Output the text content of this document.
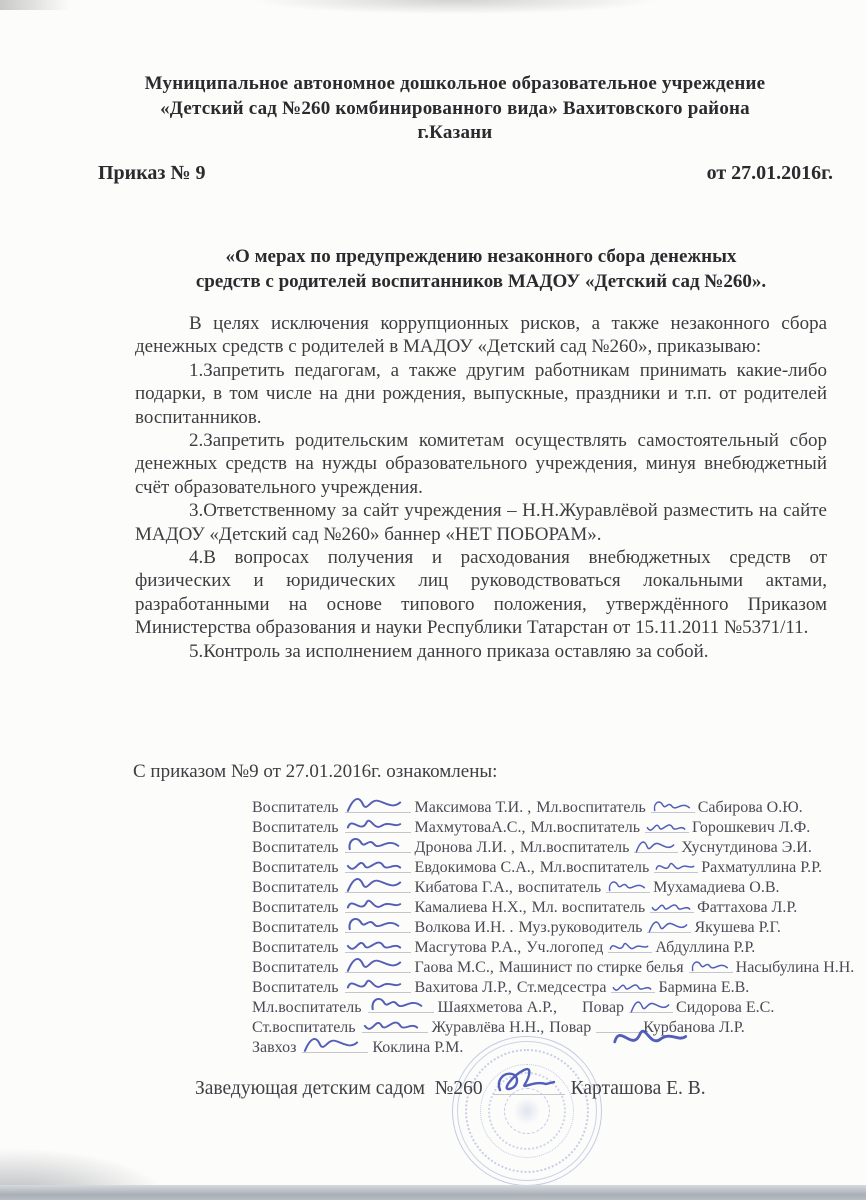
Муниципальное автономное дошкольное образовательное учреждение
«Детский сад №260 комбинированного вида» Вахитовского района
г.Казани
Приказ № 9	от 27.01.2016г.
«О мерах по предупреждению незаконного сбора денежных
средств с родителей воспитанников МАДОУ «Детский сад №260».

В целях исключения коррупционных рисков, а также незаконного сбора денежных средств с родителей в МАДОУ «Детский сад №260», приказываю:

1.Запретить педагогам, а также другим работникам принимать какие-либо подарки, в том числе на дни рождения, выпускные, праздники и т.п. от родителей воспитанников.

2.Запретить родительским комитетам осуществлять самостоятельный сбор денежных средств на нужды образовательного учреждения, минуя внебюджетный счёт образовательного учреждения.

3.Ответственному за сайт учреждения – Н.Н.Журавлёвой разместить на сайте МАДОУ «Детский сад №260» баннер «НЕТ ПОБОРАМ».

4.В вопросах получения и расходования внебюджетных средств от физических и юридических лиц руководствоваться локальными актами, разработанными на основе типового положения, утверждённого Приказом Министерства образования и науки Республики Татарстан от 15.11.2011 №5371/11.

5.Контроль за исполнением данного приказа оставляю за собой.

С приказом №9 от 27.01.2016г. ознакомлены:
Воспитатель	Максимова Т.И. , Мл.воспитатель	Сабирова О.Ю.
Воспитатель	МахмутоваА.С., Мл.воспитатель	Горошкевич Л.Ф.
Воспитатель	Дронова Л.И. , Мл.воспитатель	Хуснутдинова Э.И.
Воспитатель	Евдокимова С.А., Мл.воспитатель	Рахматуллина Р.Р.
Воспитатель	Кибатова Г.А., воспитатель	Мухамадиева О.В.
Воспитатель	Камалиева Н.Х., Мл. воспитатель	Фаттахова Л.Р.
Воспитатель	Волкова И.Н. . Муз.руководитель	Якушева Р.Г.
Воспитатель	Масгутова Р.А., Уч.логопед	Абдуллина Р.Р.
Воспитатель	Гаова М.С., Машинист по стирке белья	Насыбулина Н.Н.
Воспитатель	Вахитова Л.Р., Ст.медсестра	Бармина Е.В.
Мл.воспитатель	Шаяхметова А.Р.,     Повар	Сидорова Е.С.
Ст.воспитатель	Журавлёва Н.Н., Повар	Курбанова Л.Р.
Завхоз	Коклина Р.М.
Заведующая детским садом  №260	Карташова Е. В.
